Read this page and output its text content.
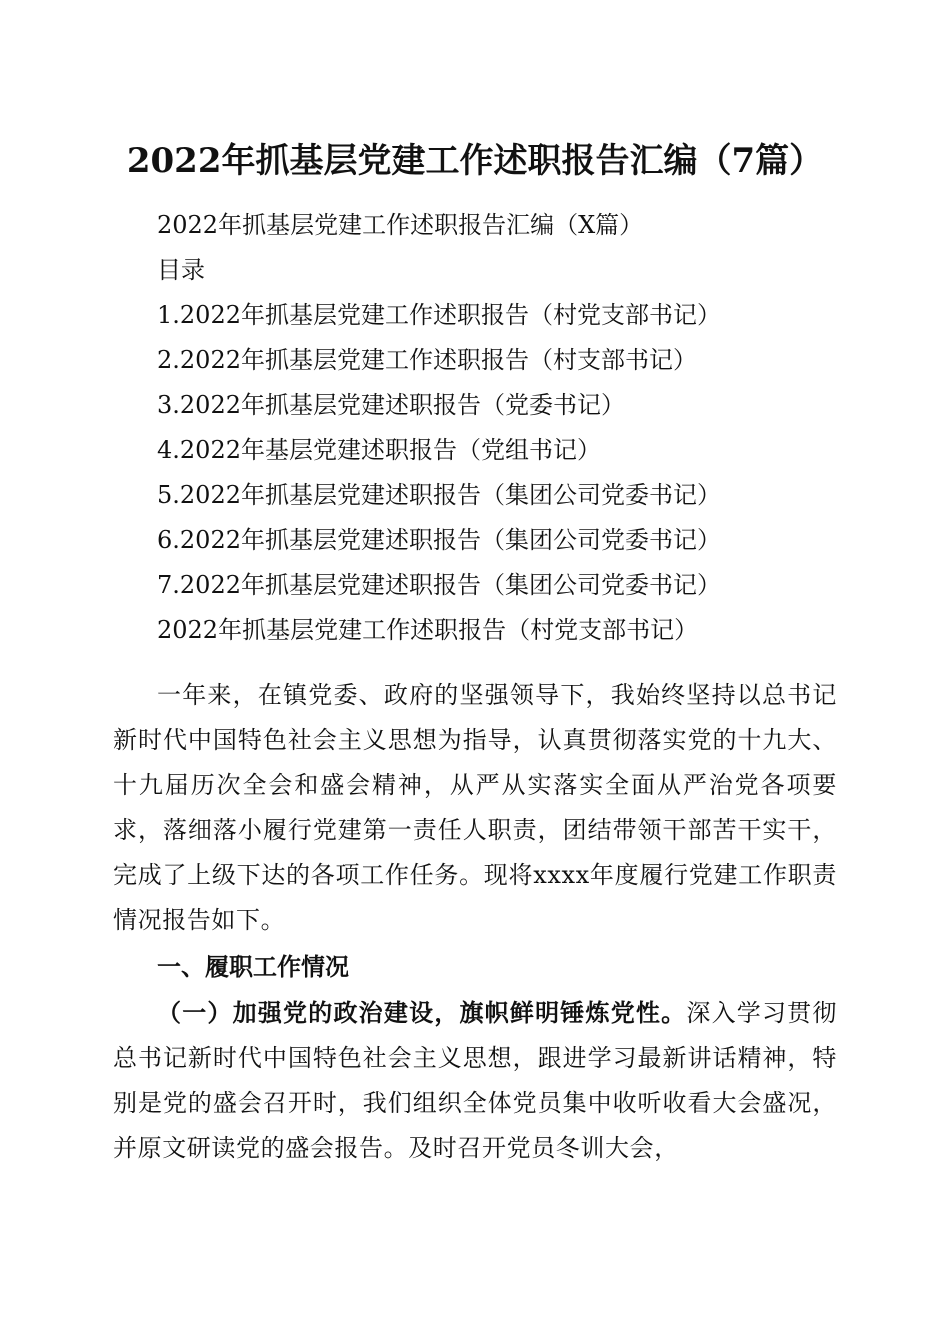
2022年抓基层党建工作述职报告汇编（7篇）
2022年抓基层党建工作述职报告汇编（X篇）
目录
1.2022年抓基层党建工作述职报告（村党支部书记）
2.2022年抓基层党建工作述职报告（村支部书记）
3.2022年抓基层党建述职报告（党委书记）
4.2022年基层党建述职报告（党组书记）
5.2022年抓基层党建述职报告（集团公司党委书记）
6.2022年抓基层党建述职报告（集团公司党委书记）
7.2022年抓基层党建述职报告（集团公司党委书记）
2022年抓基层党建工作述职报告（村党支部书记）
一年来，在镇党委、政府的坚强领导下，我始终坚持以总书记新时代中国特色社会主义思想为指导，认真贯彻落实党的十九大、十九届历次全会和盛会精神，从严从实落实全面从严治党各项要求，落细落小履行党建第一责任人职责，团结带领干部苦干实干，完成了上级下达的各项工作任务。现将xxxx年度履行党建工作职责情况报告如下。
一、履职工作情况
（一）加强党的政治建设，旗帜鲜明锤炼党性。深入学习贯彻总书记新时代中国特色社会主义思想，跟进学习最新讲话精神，特别是党的盛会召开时，我们组织全体党员集中收听收看大会盛况，并原文研读党的盛会报告。及时召开党员冬训大会，
